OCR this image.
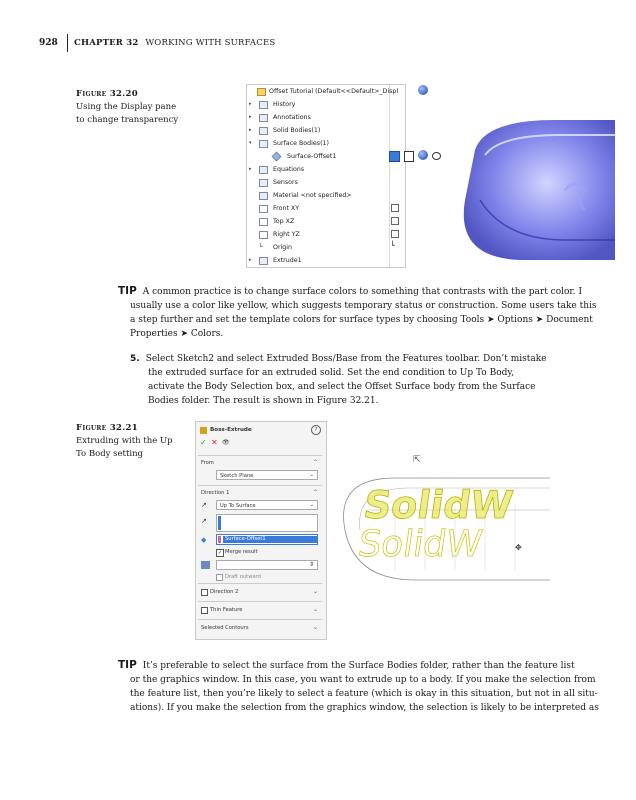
928 CHAPTER 32 WORKING WITH SURFACES
Figure 32.20
Using the Display pane
to change transparency
Offset Tutorial (Default<<Default>_Displ
▸	History
▸	Annotations
▸	Solid Bodies(1)
▾	Surface Bodies(1)
Surface-Offset1
▸	Equations
Sensors
Material <not specified>
Front XY
Top XZ
Right YZ
└ Origin
▸	Extrude1
└
TIP A common practice is to change surface colors to something that contrasts with the part color. I
usually use a color like yellow, which suggests temporary status or construction. Some users take this
a step further and set the template colors for surface types by choosing Tools ➤ Options ➤ Document
Properties ➤ Colors.
5. Select Sketch2 and select Extruded Boss/Base from the Features toolbar. Don’t mistake
the extruded surface for an extruded solid. Set the end condition to Up To Body,
activate the Body Selection box, and select the Offset Surface body from the Surface
Bodies folder. The result is shown in Figure 32.21.
Figure 32.21
Extruding with the Up
To Body setting
Boss-Extrude	?
✓ ✕ 👁
From	⌃
Sketch Plane	⌄
Direction 1	⌃
↗	Up To Surface	⌄
↗
◆	Surface-Offset1
✓ Merge result
⇕
Draft outward
Direction 2	⌄
Thin Feature	⌄
Selected Contours	⌄
⇱
SolidW
SolidW	✥
TIP It’s preferable to select the surface from the Surface Bodies folder, rather than the feature list
or the graphics window. In this case, you want to extrude up to a body. If you make the selection from
the feature list, then you’re likely to select a feature (which is okay in this situation, but not in all situ-
ations). If you make the selection from the graphics window, the selection is likely to be interpreted as
